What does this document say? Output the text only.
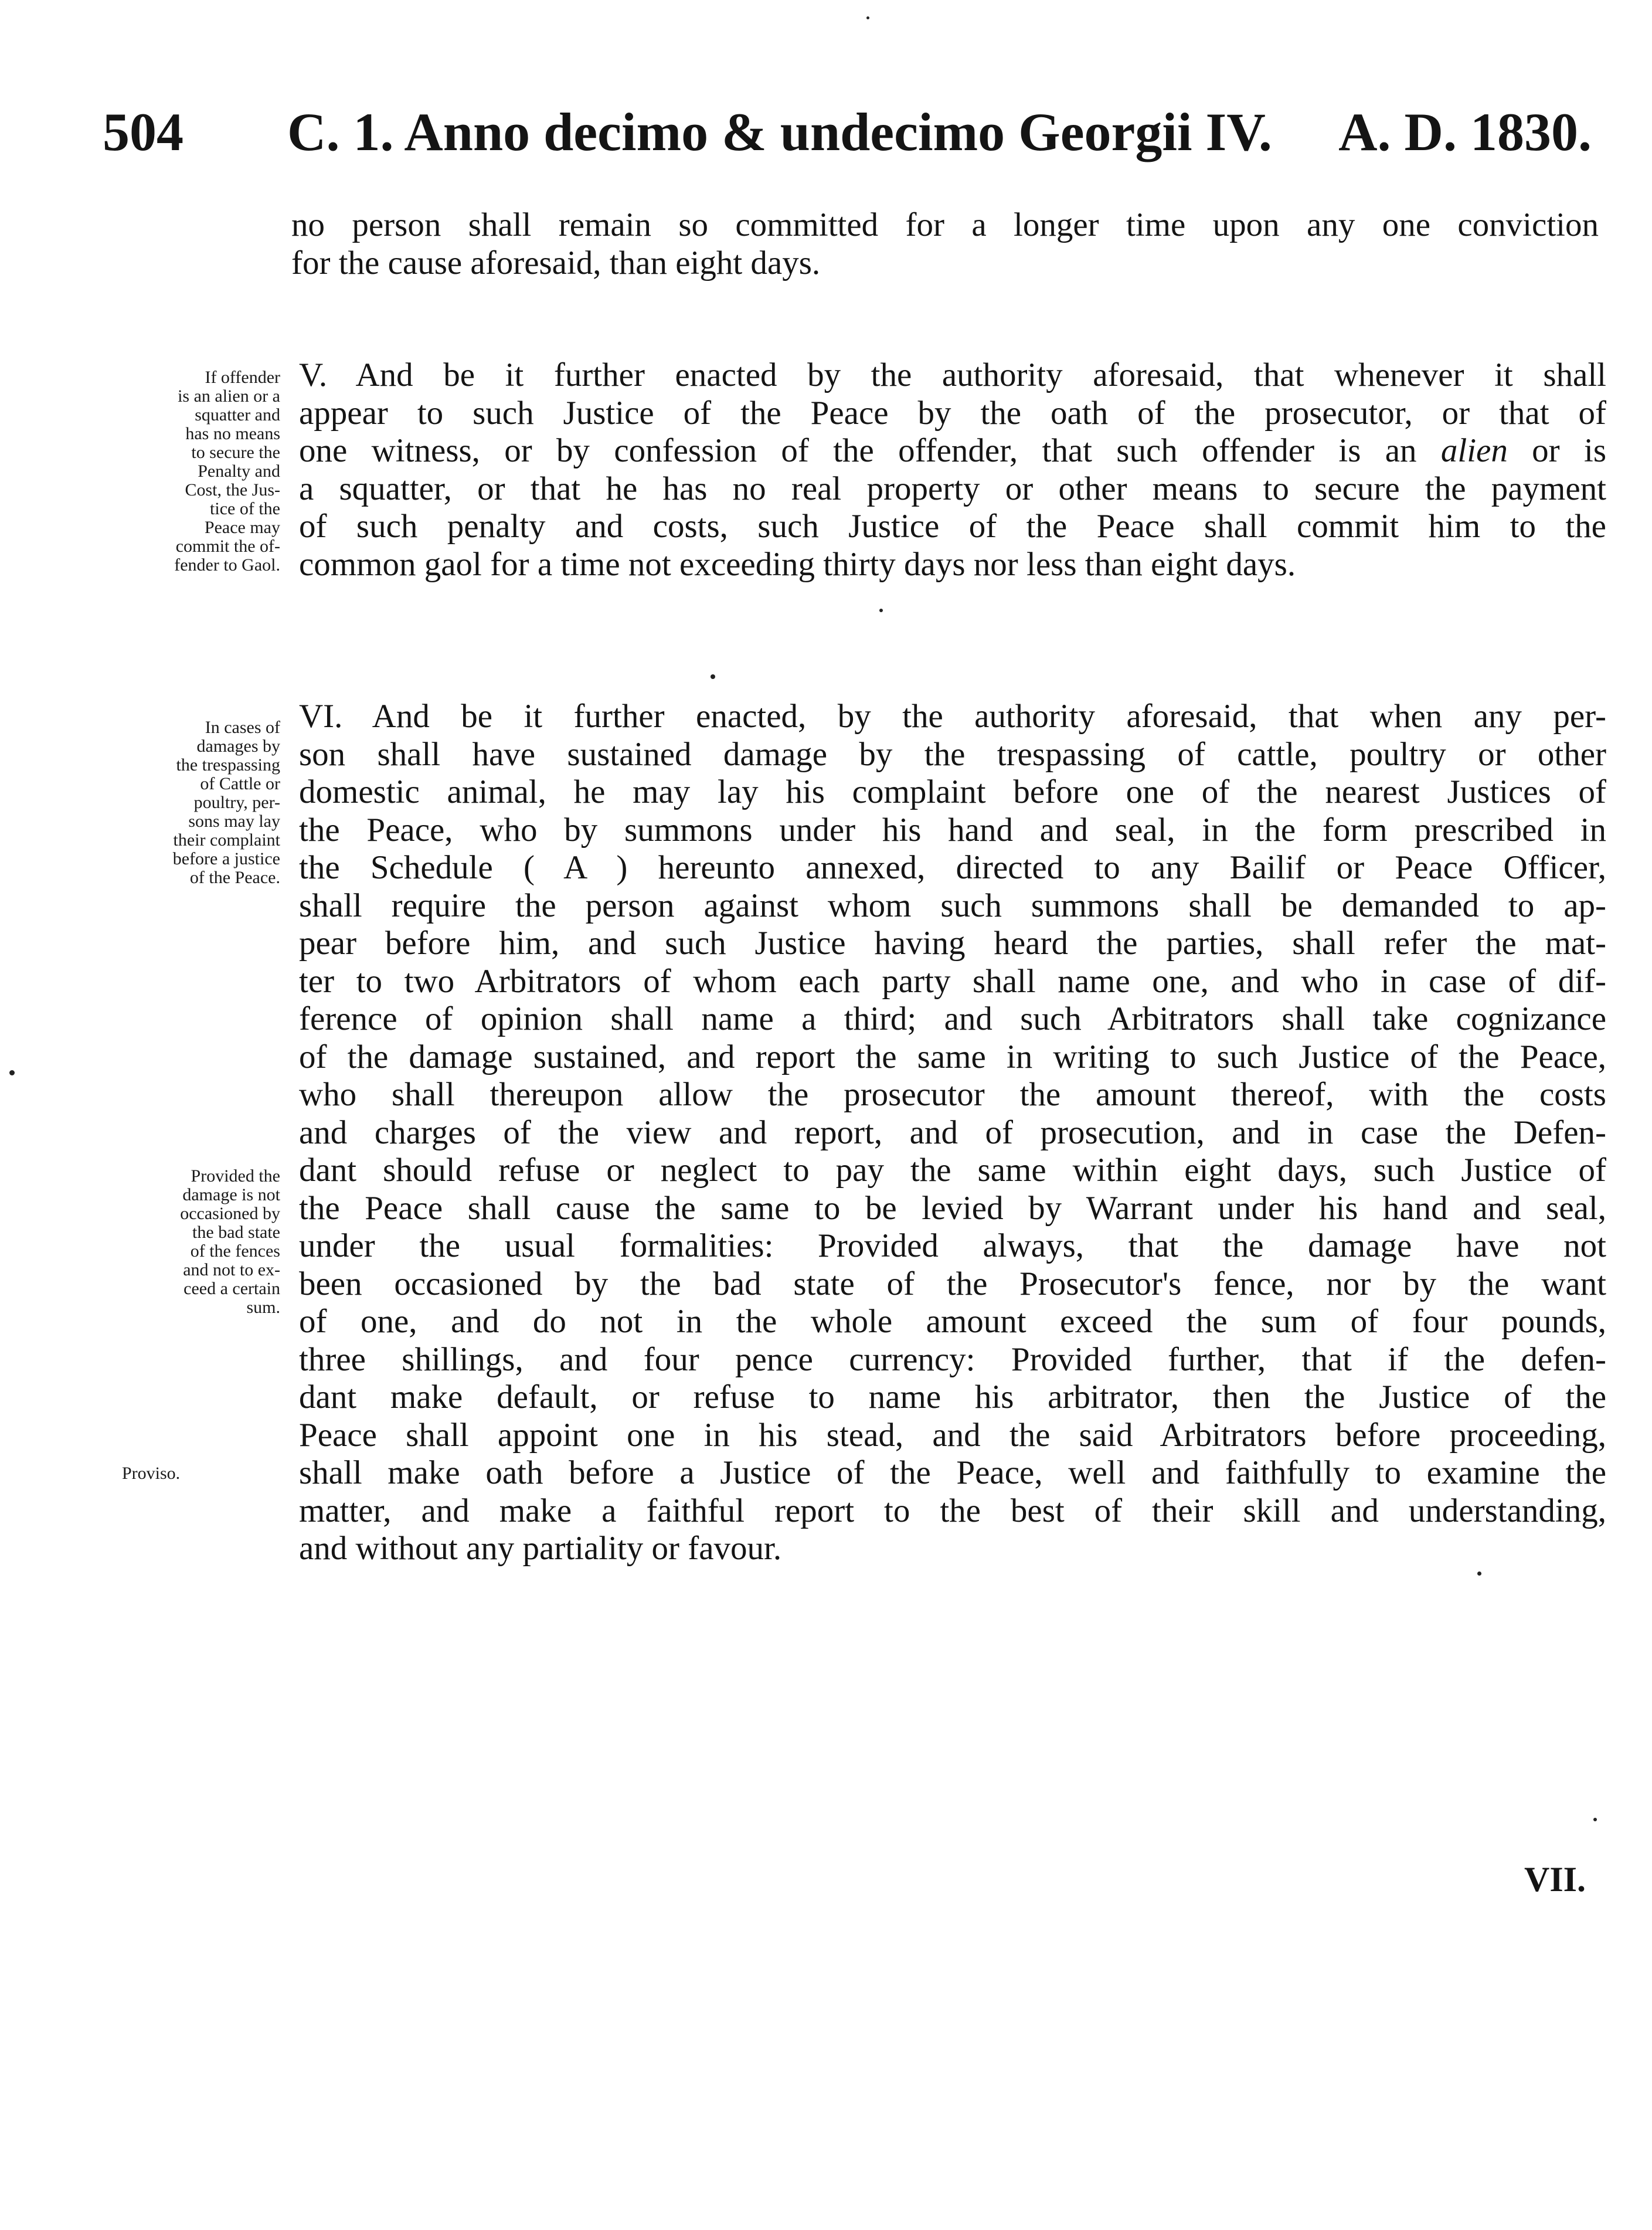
504 C. 1. Anno decimo & undecimo Georgii IV. A. D. 1830.
no person shall remain so committed for a longer time upon any one conviction
for the cause aforesaid, than eight days.
If offender
is an alien or a
squatter and
has no means
to secure the
Penalty and
Cost, the Jus-
tice of the
Peace may
commit the of-
fender to Gaol.
V. And be it further enacted by the authority aforesaid, that whenever it shall
appear to such Justice of the Peace by the oath of the prosecutor, or that of
one witness, or by confession of the offender, that such offender is an alien or is
a squatter, or that he has no real property or other means to secure the payment
of such penalty and costs, such Justice of the Peace shall commit him to the
common gaol for a time not exceeding thirty days nor less than eight days.
In cases of
damages by
the trespassing
of Cattle or
poultry, per-
sons may lay
their complaint
before a justice
of the Peace.
Provided the
damage is not
occasioned by
the bad state
of the fences
and not to ex-
ceed a certain
sum.
Proviso.
VI. And be it further enacted, by the authority aforesaid, that when any per-
son shall have sustained damage by the trespassing of cattle, poultry or other
domestic animal, he may lay his complaint before one of the nearest Justices of
the Peace, who by summons under his hand and seal, in the form prescribed in
the Schedule ( A ) hereunto annexed, directed to any Bailif or Peace Officer,
shall require the person against whom such summons shall be demanded to ap-
pear before him, and such Justice having heard the parties, shall refer the mat-
ter to two Arbitrators of whom each party shall name one, and who in case of dif-
ference of opinion shall name a third; and such Arbitrators shall take cognizance
of the damage sustained, and report the same in writing to such Justice of the Peace,
who shall thereupon allow the prosecutor the amount thereof, with the costs
and charges of the view and report, and of prosecution, and in case the Defen-
dant should refuse or neglect to pay the same within eight days, such Justice of
the Peace shall cause the same to be levied by Warrant under his hand and seal,
under the usual formalities: Provided always, that the damage have not
been occasioned by the bad state of the Prosecutor's fence, nor by the want
of one, and do not in the whole amount exceed the sum of four pounds,
three shillings, and four pence currency: Provided further, that if the defen-
dant make default, or refuse to name his arbitrator, then the Justice of the
Peace shall appoint one in his stead, and the said Arbitrators before proceeding,
shall make oath before a Justice of the Peace, well and faithfully to examine the
matter, and make a faithful report to the best of their skill and understanding,
and without any partiality or favour.
VII.
